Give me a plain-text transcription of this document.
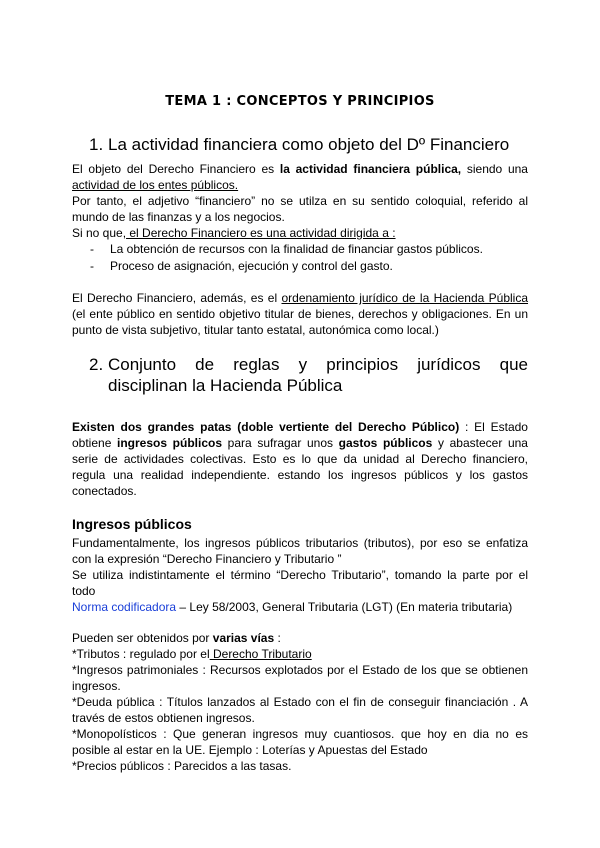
TEMA 1 : CONCEPTOS Y PRINCIPIOS
1. La actividad financiera como objeto del Dº Financiero
El objeto del Derecho Financiero es la actividad financiera pública, siendo una
actividad de los entes públicos.
Por tanto, el adjetivo “financiero” no se utilza en su sentido coloquial, referido al
mundo de las finanzas y a los negocios.
Si no que, el Derecho Financiero es una actividad dirigida a :
- La obtención de recursos con la finalidad de financiar gastos públicos.
- Proceso de asignación, ejecución y control del gasto.
El Derecho Financiero, además, es el ordenamiento jurídico de la Hacienda Pública
(el ente público en sentido objetivo titular de bienes, derechos y obligaciones. En un
punto de vista subjetivo, titular tanto estatal, autonómica como local.)
2. Conjunto de reglas y principios jurídicos que
disciplinan la Hacienda Pública
Existen dos grandes patas (doble vertiente del Derecho Público) : El Estado
obtiene ingresos públicos para sufragar unos gastos públicos y abastecer una
serie de actividades colectivas. Esto es lo que da unidad al Derecho financiero,
regula una realidad independiente. estando los ingresos públicos y los gastos
conectados.
Ingresos públicos
Fundamentalmente, los ingresos públicos tributarios (tributos), por eso se enfatiza
con la expresión “Derecho Financiero y Tributario ”
Se utiliza indistintamente el término “Derecho Tributario”, tomando la parte por el
todo
Norma codificadora – Ley 58/2003, General Tributaria (LGT) (En materia tributaria)
Pueden ser obtenidos por varias vías :
*Tributos : regulado por el Derecho Tributario
*Ingresos patrimoniales : Recursos explotados por el Estado de los que se obtienen
ingresos.
*Deuda pública : Títulos lanzados al Estado con el fin de conseguir financiación . A
través de estos obtienen ingresos.
*Monopolísticos : Que generan ingresos muy cuantiosos. que hoy en dia no es
posible al estar en la UE. Ejemplo : Loterías y Apuestas del Estado
*Precios públicos : Parecidos a las tasas.
